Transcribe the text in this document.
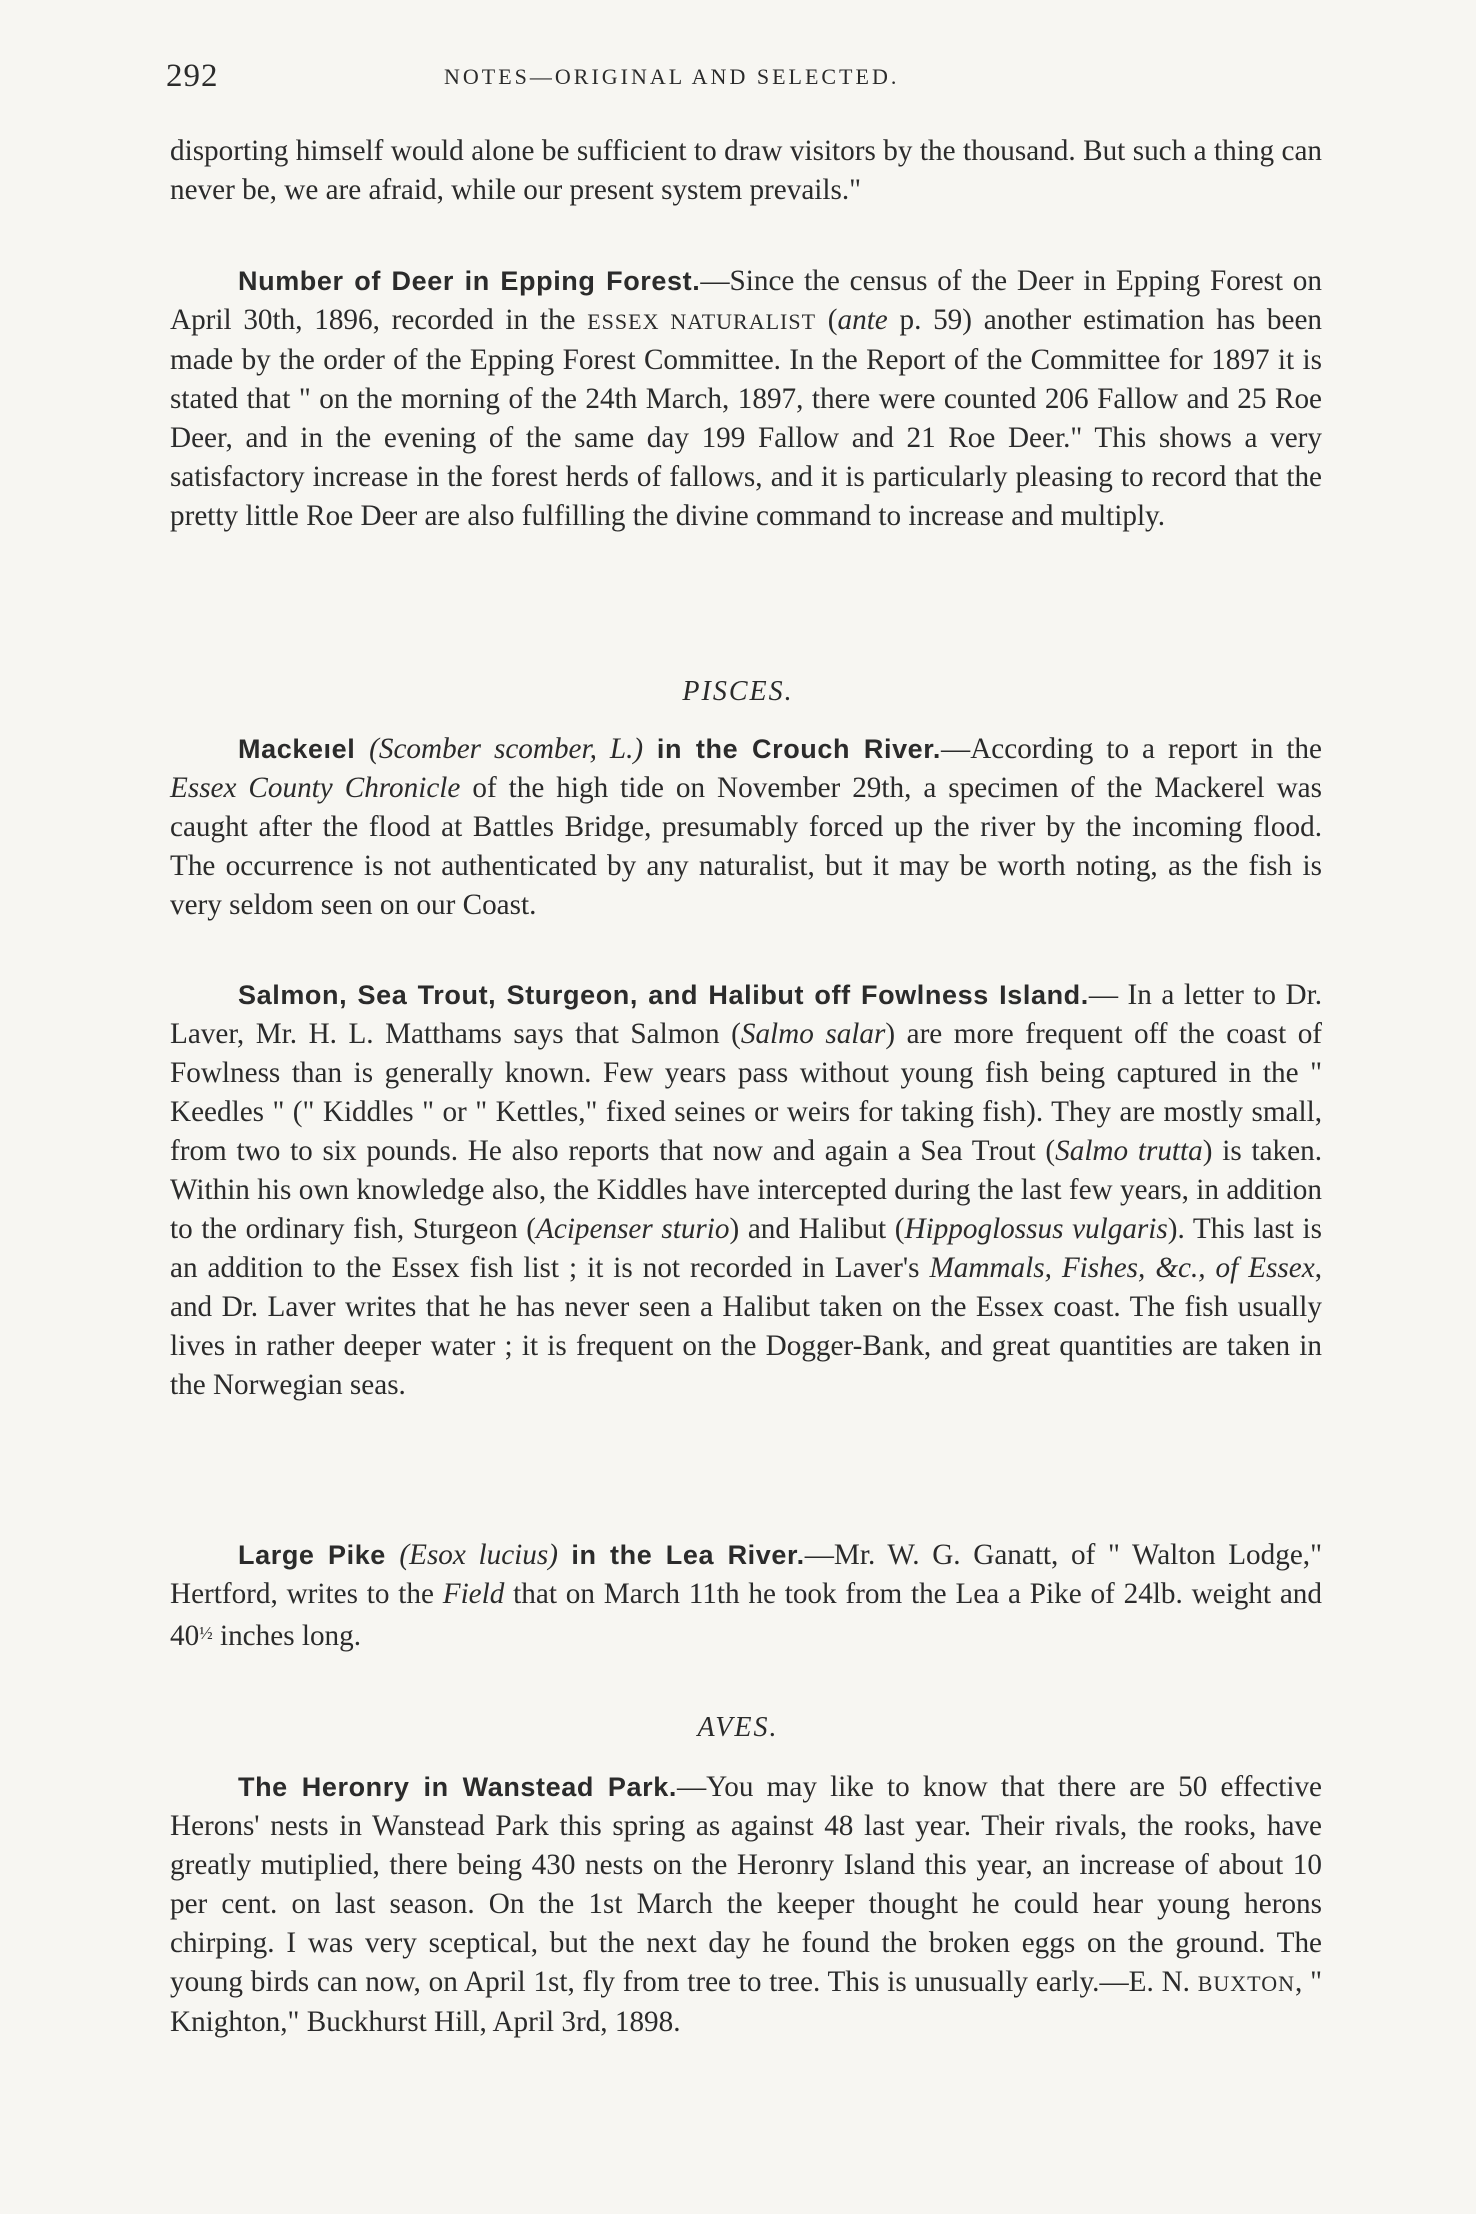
292	NOTES—ORIGINAL AND SELECTED.

disporting himself would alone be sufficient to draw visitors by the thousand. But such a thing can never be, we are afraid, while our present system prevails."

Number of Deer in Epping Forest.—Since the census of the Deer in Epping Forest on April 30th, 1896, recorded in the ESSEX NATURALIST (ante p. 59) another estimation has been made by the order of the Epping Forest Committee. In the Report of the Committee for 1897 it is stated that " on the morning of the 24th March, 1897, there were counted 206 Fallow and 25 Roe Deer, and in the evening of the same day 199 Fallow and 21 Roe Deer." This shows a very satisfactory increase in the forest herds of fallows, and it is particularly pleasing to record that the pretty little Roe Deer are also fulfilling the divine command to increase and multiply.

PISCES.

Mackeıel (Scomber scomber, L.) in the Crouch River.—According to a report in the Essex County Chronicle of the high tide on November 29th, a specimen of the Mackerel was caught after the flood at Battles Bridge, presumably forced up the river by the incoming flood. The occurrence is not authenticated by any naturalist, but it may be worth noting, as the fish is very seldom seen on our Coast.

Salmon, Sea Trout, Sturgeon, and Halibut off Fowlness Island.— In a letter to Dr. Laver, Mr. H. L. Matthams says that Salmon (Salmo salar) are more frequent off the coast of Fowlness than is generally known. Few years pass without young fish being captured in the " Keedles " (" Kiddles " or " Kettles," fixed seines or weirs for taking fish). They are mostly small, from two to six pounds. He also reports that now and again a Sea Trout (Salmo trutta) is taken. Within his own knowledge also, the Kiddles have intercepted during the last few years, in addition to the ordinary fish, Sturgeon (Acipenser sturio) and Halibut (Hippoglossus vulgaris). This last is an addition to the Essex fish list ; it is not recorded in Laver's Mammals, Fishes, &c., of Essex, and Dr. Laver writes that he has never seen a Halibut taken on the Essex coast. The fish usually lives in rather deeper water ; it is frequent on the Dogger-Bank, and great quantities are taken in the Norwegian seas.

Large Pike (Esox lucius) in the Lea River.—Mr. W. G. Ganatt, of " Walton Lodge," Hertford, writes to the Field that on March 11th he took from the Lea a Pike of 24lb. weight and $40^{\frac{1}{2}}$ inches long.

AVES.

The Heronry in Wanstead Park.—You may like to know that there are 50 effective Herons' nests in Wanstead Park this spring as against 48 last year. Their rivals, the rooks, have greatly mutiplied, there being 430 nests on the Heronry Island this year, an increase of about 10 per cent. on last season. On the 1st March the keeper thought he could hear young herons chirping. I was very sceptical, but the next day he found the broken eggs on the ground. The young birds can now, on April 1st, fly from tree to tree. This is unusually early.—E. N. BUXTON, " Knighton," Buckhurst Hill, April 3rd, 1898.
